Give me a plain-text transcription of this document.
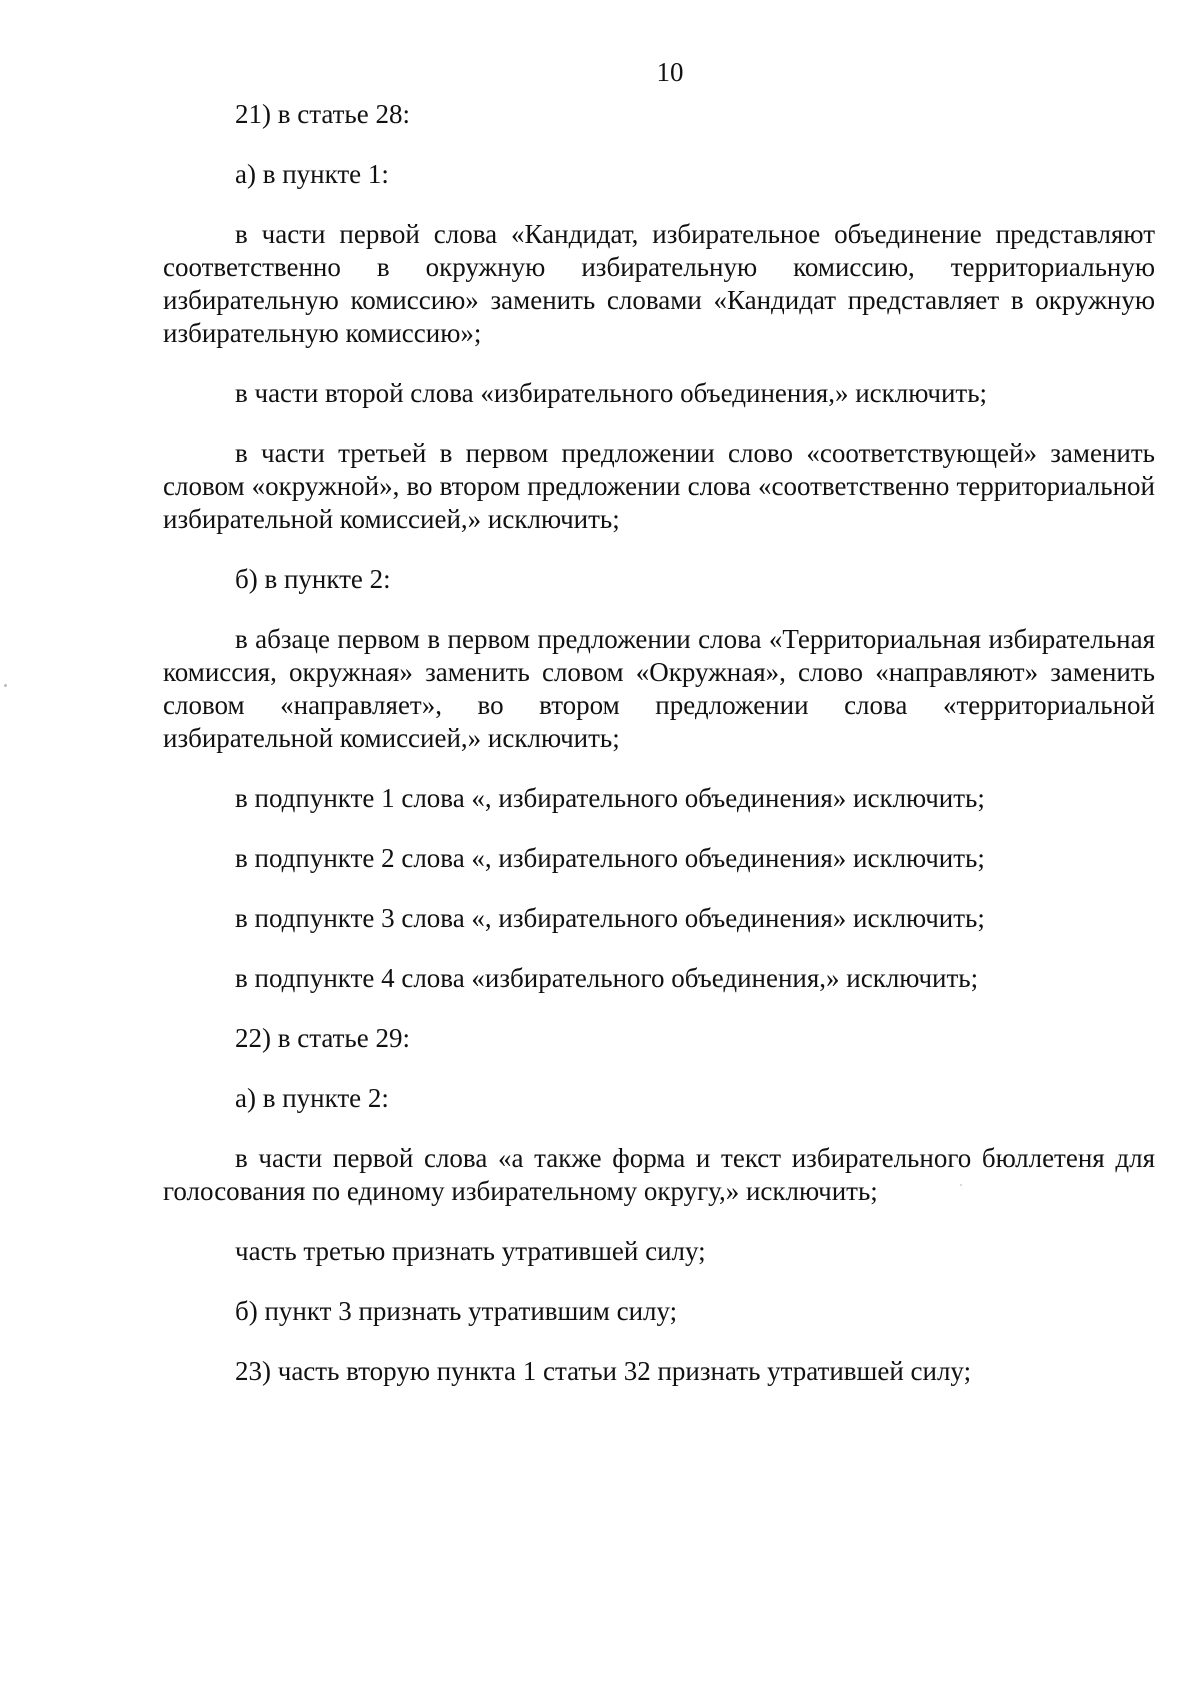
10

21) в статье 28:

а) в пункте 1:

в части первой слова «Кандидат, избирательное объединение представляют соответственно в окружную избирательную комиссию, территориальную избирательную комиссию» заменить словами «Кандидат представляет в окружную избирательную комиссию»;

в части второй слова «избирательного объединения,» исключить;

в части третьей в первом предложении слово «соответствующей» заменить словом «окружной», во втором предложении слова «соответственно территориальной избирательной комиссией,» исключить;

б) в пункте 2:

в абзаце первом в первом предложении слова «Территориальная избирательная комиссия, окружная» заменить словом «Окружная», слово «направляют» заменить словом «направляет», во втором предложении слова «территориальной избирательной комиссией,» исключить;

в подпункте 1 слова «, избирательного объединения» исключить;

в подпункте 2 слова «, избирательного объединения» исключить;

в подпункте 3 слова «, избирательного объединения» исключить;

в подпункте 4 слова «избирательного объединения,» исключить;

22) в статье 29:

а) в пункте 2:

в части первой слова «а также форма и текст избирательного бюллетеня для голосования по единому избирательному округу,» исключить;

часть третью признать утратившей силу;

б) пункт 3 признать утратившим силу;

23) часть вторую пункта 1 статьи 32 признать утратившей силу;
